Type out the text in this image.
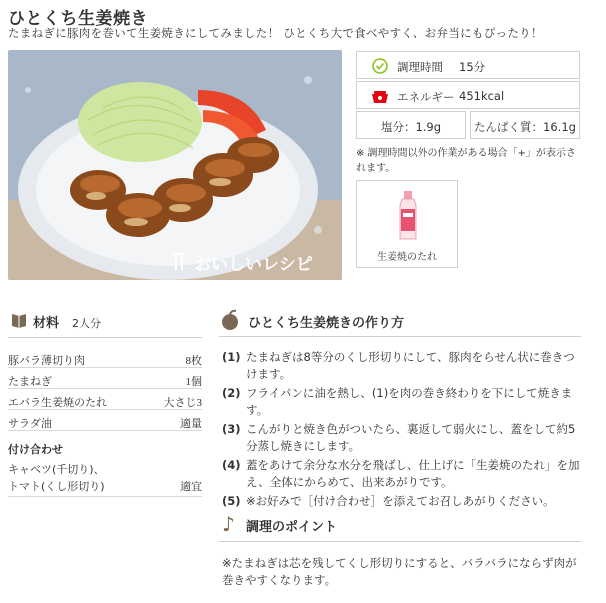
ひとくち生姜焼き
たまねぎに豚肉を巻いて生姜焼きにしてみました！ ひとくち大で食べやすく、お弁当にもぴったり！
おいしいレシピ
調理時間 15分
エネルギー 451kcal
塩分：1.9g	たんぱく質：16.1g
※ 調理時間以外の作業がある場合「+」が表示されます。
生姜焼のたれ
材料 2人分
豚バラ薄切り肉	8枚
たまねぎ	1個
エバラ生姜焼のたれ	大さじ3
サラダ油	適量
付け合わせ
キャベツ(千切り)、
トマト(くし形切り)	適宜
ひとくち生姜焼きの作り方
(1) たまねぎは8等分のくし形切りにして、豚肉をらせん状に巻きつけます。
(2) フライパンに油を熱し、(1)を肉の巻き終わりを下にして焼きます。
(3) こんがりと焼き色がついたら、裏返して弱火にし、蓋をして約5分蒸し焼きにします。
(4) 蓋をあけて余分な水分を飛ばし、仕上げに「生姜焼のたれ」を加え、全体にからめて、出来あがりです。
(5) ※お好みで［付け合わせ］を添えてお召しあがりください。
♪ 調理のポイント
※たまねぎは芯を残してくし形切りにすると、バラバラにならず肉が巻きやすくなります。
